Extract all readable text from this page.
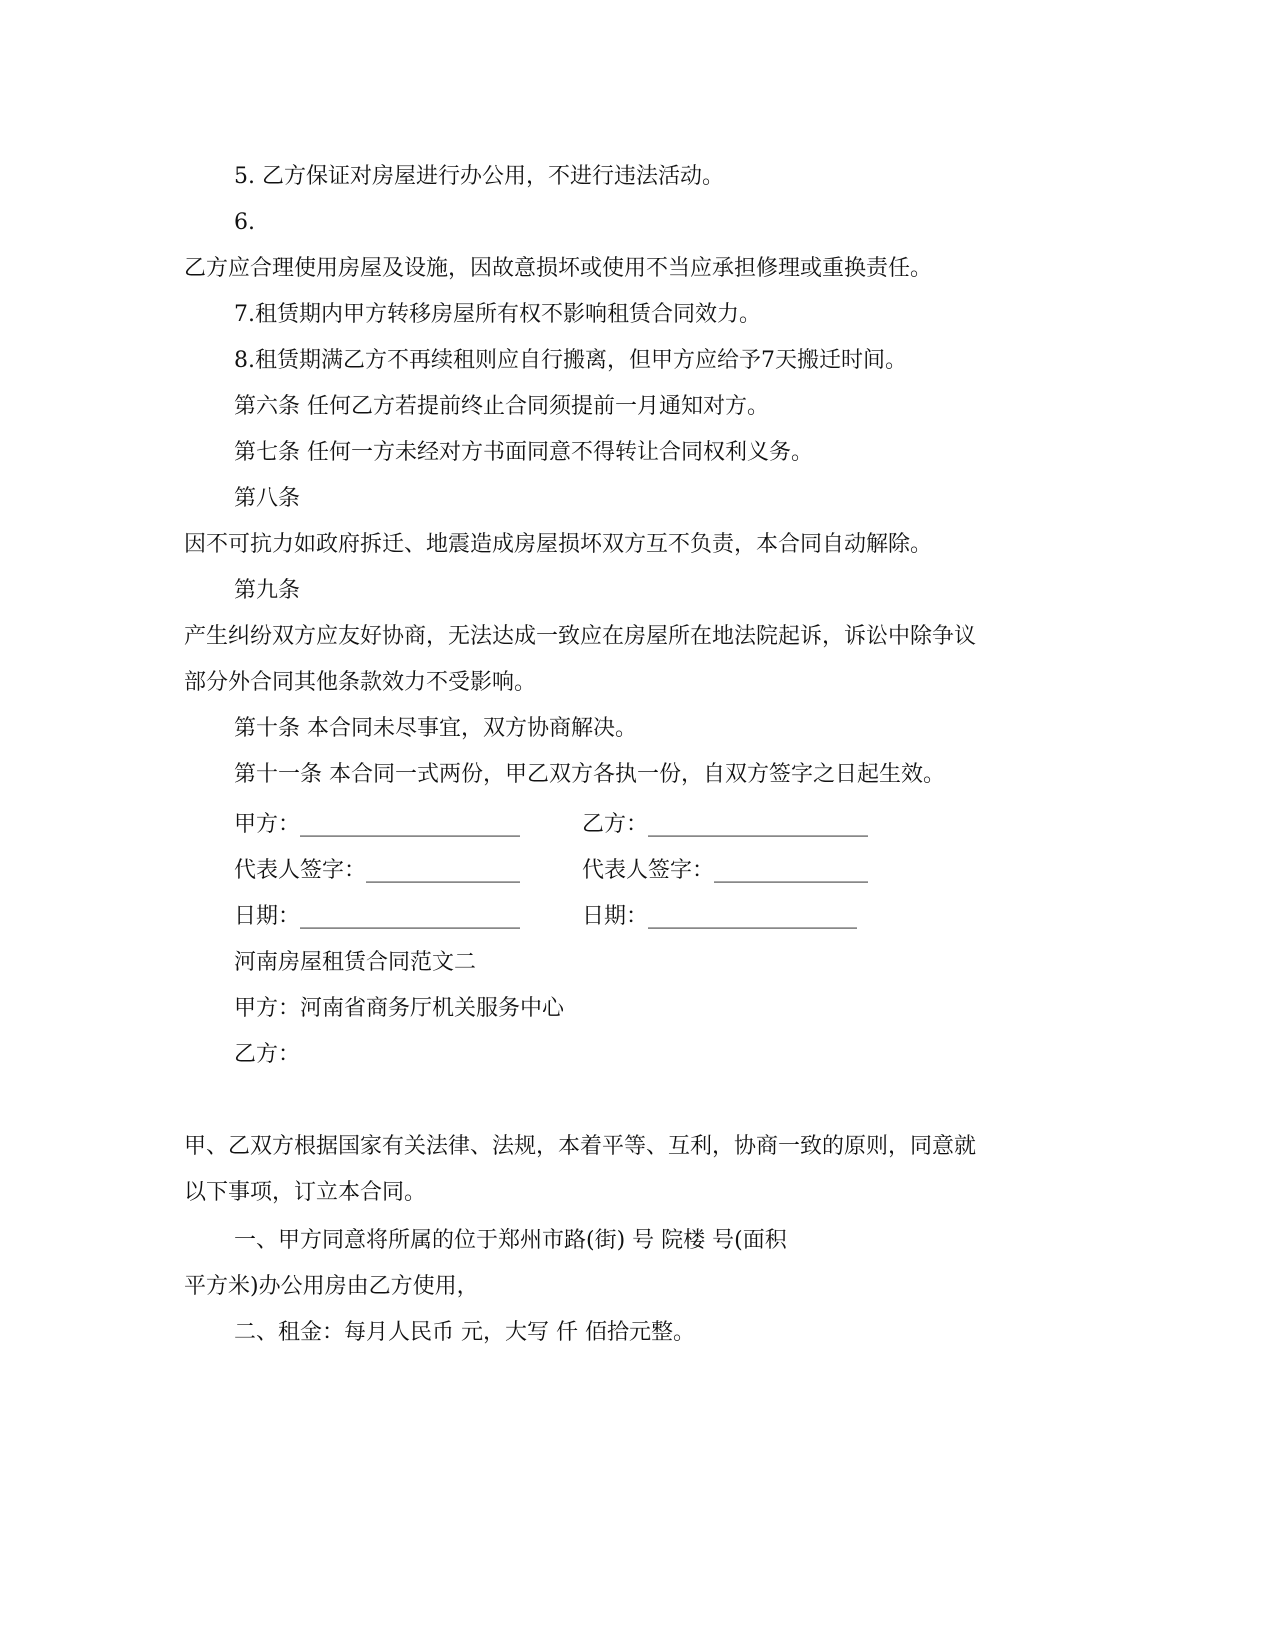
5. 乙方保证对房屋进行办公用，不进行违法活动。
6.
乙方应合理使用房屋及设施，因故意损坏或使用不当应承担修理或重换责任。
7.租赁期内甲方转移房屋所有权不影响租赁合同效力。
8.租赁期满乙方不再续租则应自行搬离，但甲方应给予7天搬迁时间。
第六条 任何乙方若提前终止合同须提前一月通知对方。
第七条 任何一方未经对方书面同意不得转让合同权利义务。
第八条
因不可抗力如政府拆迁、地震造成房屋损坏双方互不负责，本合同自动解除。
第九条
产生纠纷双方应友好协商，无法达成一致应在房屋所在地法院起诉，诉讼中除争议
部分外合同其他条款效力不受影响。
第十条 本合同未尽事宜，双方协商解决。
第十一条 本合同一式两份，甲乙双方各执一份，自双方签字之日起生效。
甲方：____________________	乙方：____________________
代表人签字：______________	代表人签字：______________
日期：____________________	日期：___________________
河南房屋租赁合同范文二
甲方：河南省商务厅机关服务中心
乙方：
甲、乙双方根据国家有关法律、法规，本着平等、互利，协商一致的原则，同意就
以下事项，订立本合同。
一、甲方同意将所属的位于郑州市路(街) 号 院楼 号(面积
平方米)办公用房由乙方使用，
二、租金：每月人民币 元，大写 仟 佰拾元整。
